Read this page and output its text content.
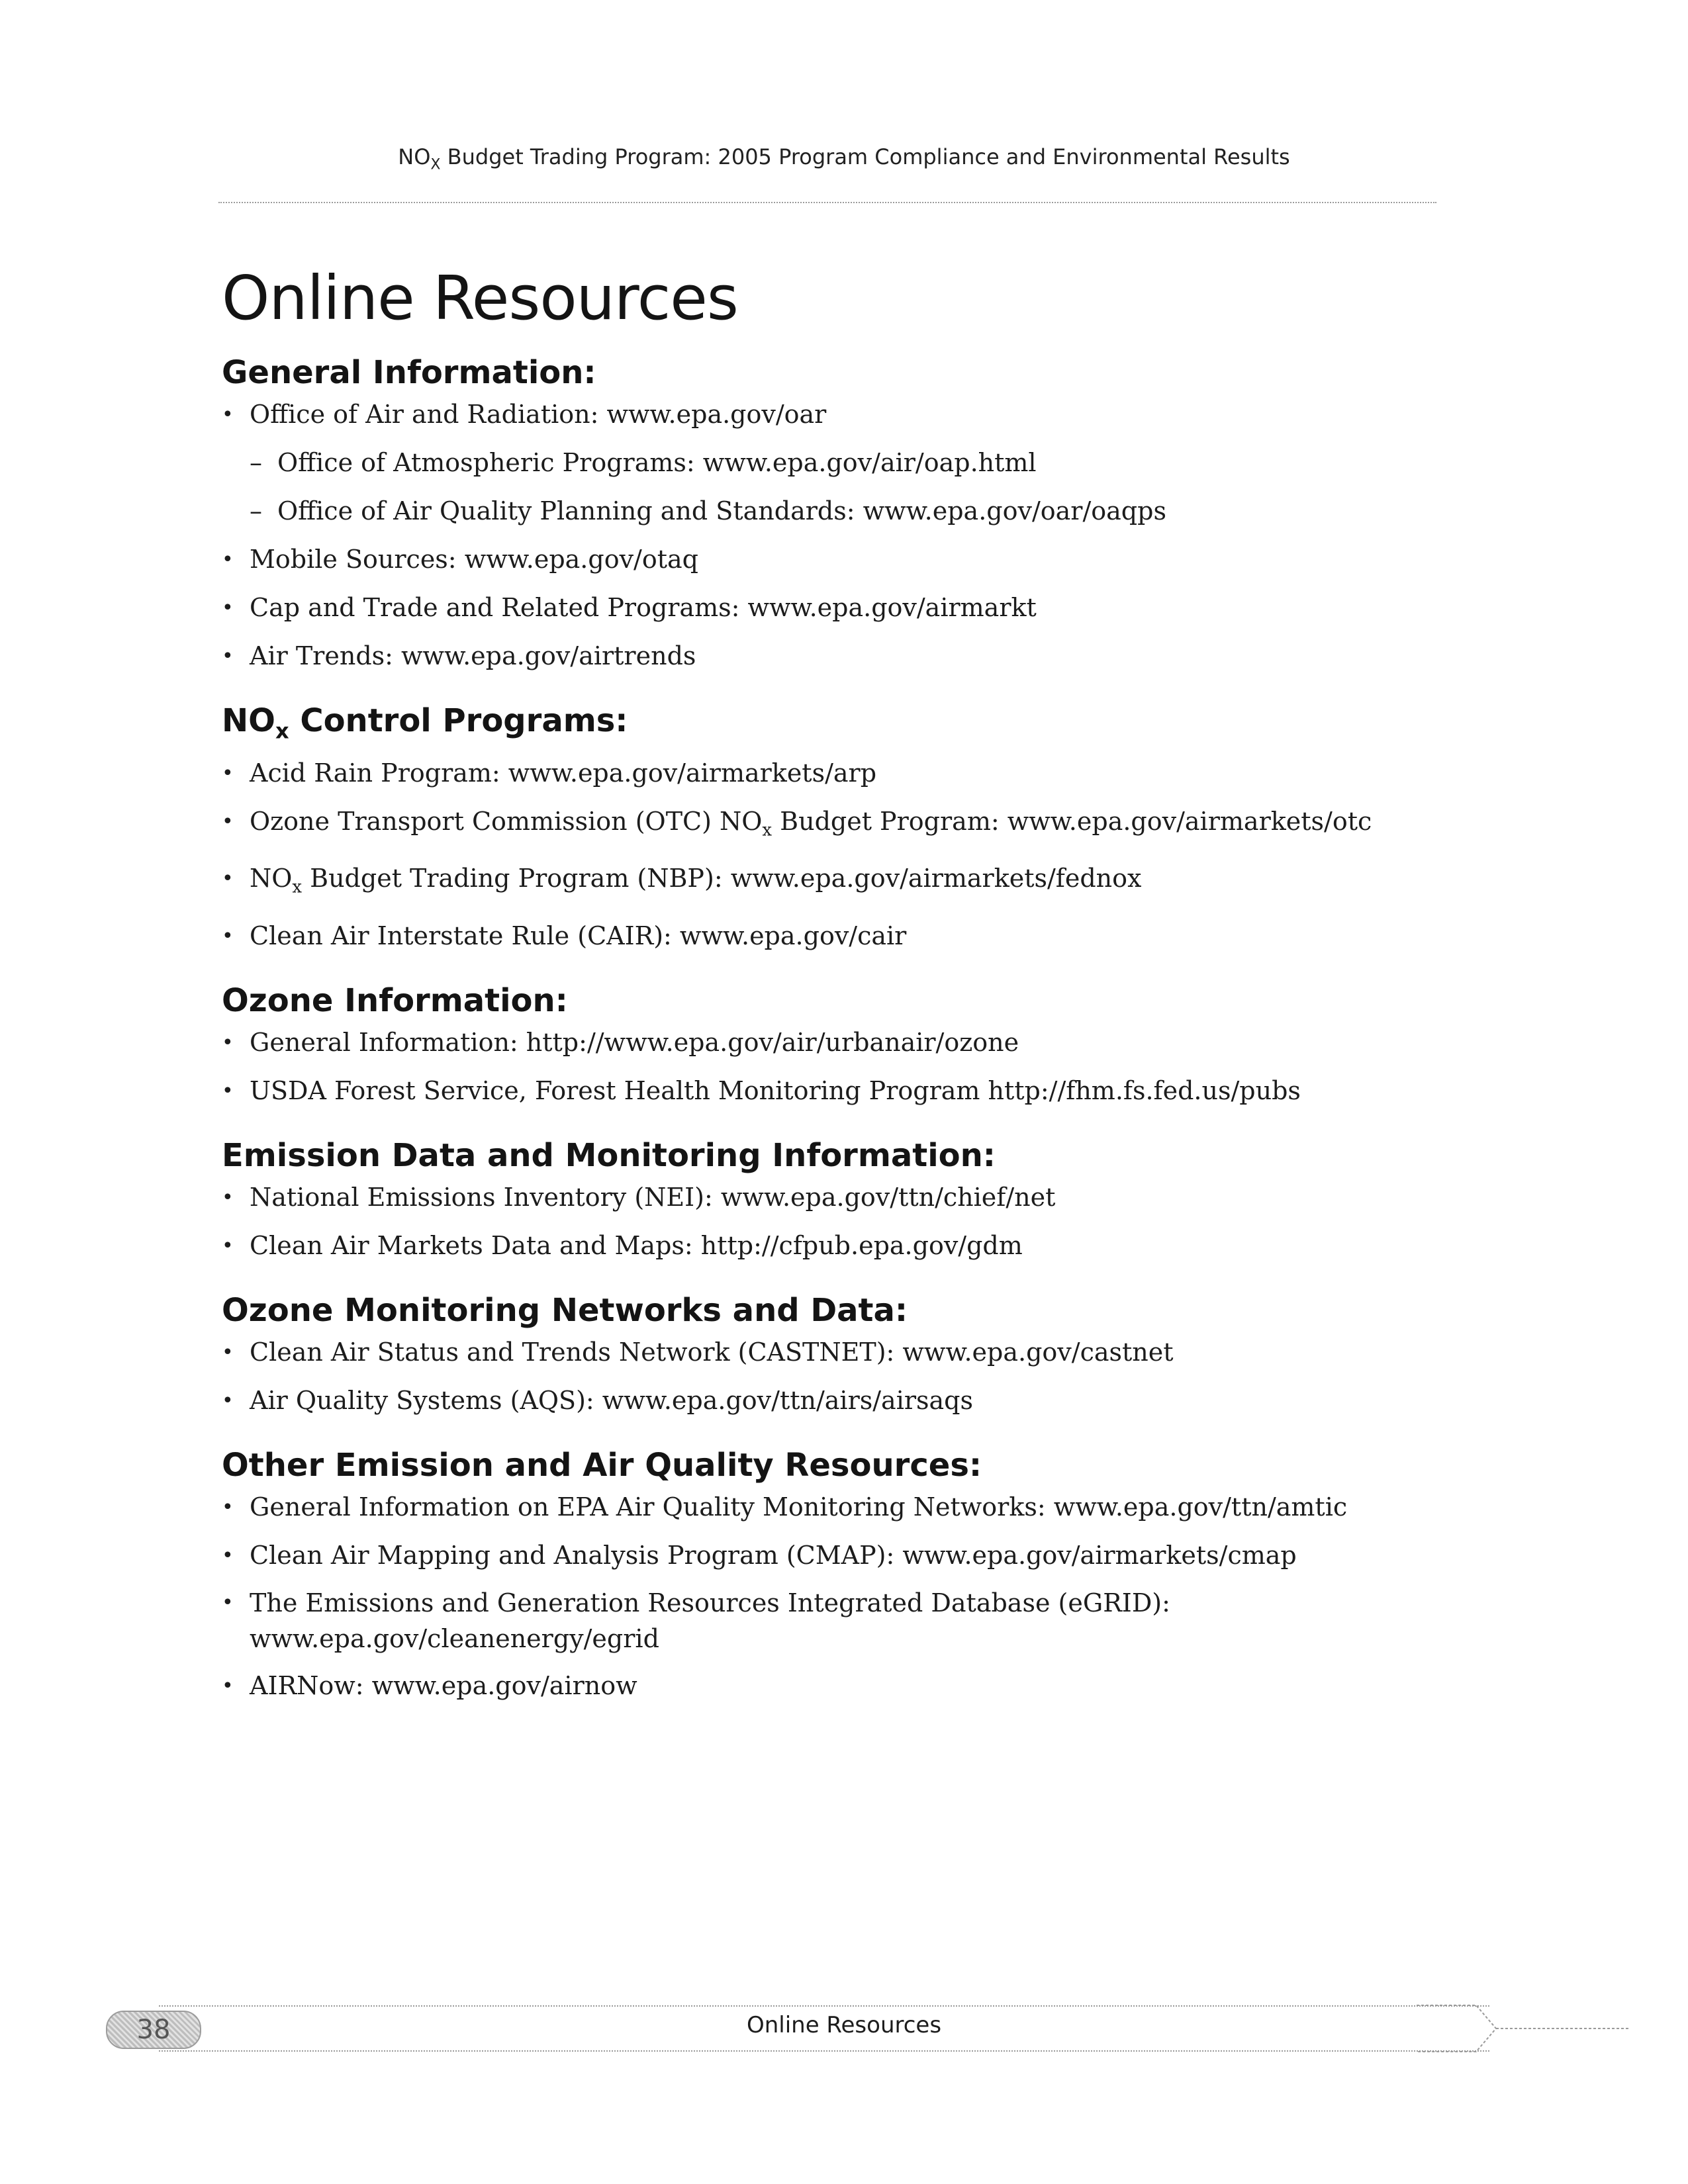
$NO_X$ Budget Trading Program: 2005 Program Compliance and Environmental Results
Online Resources
General Information:
• Office of Air and Radiation: www.epa.gov/oar
– Office of Atmospheric Programs: www.epa.gov/air/oap.html
– Office of Air Quality Planning and Standards: www.epa.gov/oar/oaqps
• Mobile Sources: www.epa.gov/otaq
• Cap and Trade and Related Programs: www.epa.gov/airmarkt
• Air Trends: www.epa.gov/airtrends
$NO_x$ Control Programs:
• Acid Rain Program: www.epa.gov/airmarkets/arp
• Ozone Transport Commission (OTC) $NO_x$ Budget Program: www.epa.gov/airmarkets/otc
• $NO_x$ Budget Trading Program (NBP): www.epa.gov/airmarkets/fednox
• Clean Air Interstate Rule (CAIR): www.epa.gov/cair
Ozone Information:
• General Information: http://www.epa.gov/air/urbanair/ozone
• USDA Forest Service, Forest Health Monitoring Program http://fhm.fs.fed.us/pubs
Emission Data and Monitoring Information:
• National Emissions Inventory (NEI): www.epa.gov/ttn/chief/net
• Clean Air Markets Data and Maps: http://cfpub.epa.gov/gdm
Ozone Monitoring Networks and Data:
• Clean Air Status and Trends Network (CASTNET): www.epa.gov/castnet
• Air Quality Systems (AQS): www.epa.gov/ttn/airs/airsaqs
Other Emission and Air Quality Resources:
• General Information on EPA Air Quality Monitoring Networks: www.epa.gov/ttn/amtic
• Clean Air Mapping and Analysis Program (CMAP): www.epa.gov/airmarkets/cmap
• The Emissions and Generation Resources Integrated Database (eGRID):
www.epa.gov/cleanenergy/egrid
• AIRNow: www.epa.gov/airnow
38	Online Resources
